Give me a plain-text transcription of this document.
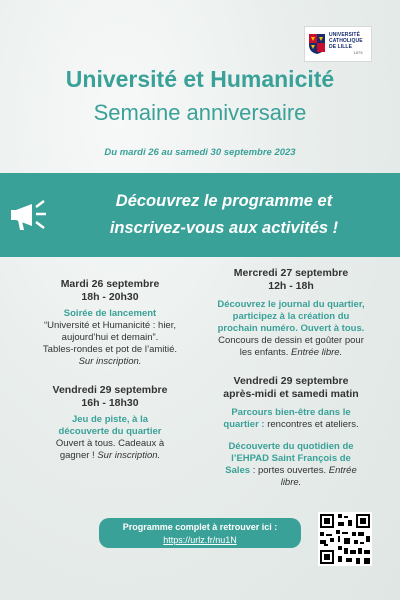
UNIVERSITÉ
CATHOLIQUE
DE LILLE
1875
Université et Humanicité
Semaine anniversaire
Du mardi 26 au samedi 30 septembre 2023
Découvrez le programme et
inscrivez-vous aux activités !
Mardi 26 septembre
18h - 20h30
Soirée de lancement
“Université et Humanicité : hier,
aujourd’hui et demain”.
Tables-rondes et pot de l’amitié.
Sur inscription.
Vendredi 29 septembre
16h - 18h30
Jeu de piste, à la
découverte du quartier
Ouvert à tous. Cadeaux à
gagner ! Sur inscription.
Mercredi 27 septembre
12h - 18h
Découvrez le journal du quartier,
participez à la création du
prochain numéro. Ouvert à tous.
Concours de dessin et goûter pour
les enfants. Entrée libre.
Vendredi 29 septembre
après-midi et samedi matin
Parcours bien-être dans le
quartier : rencontres et ateliers.
Découverte du quotidien de
l’EHPAD Saint François de
Sales : portes ouvertes. Entrée
libre.
Programme complet à retrouver ici :
https://urlz.fr/nu1N
